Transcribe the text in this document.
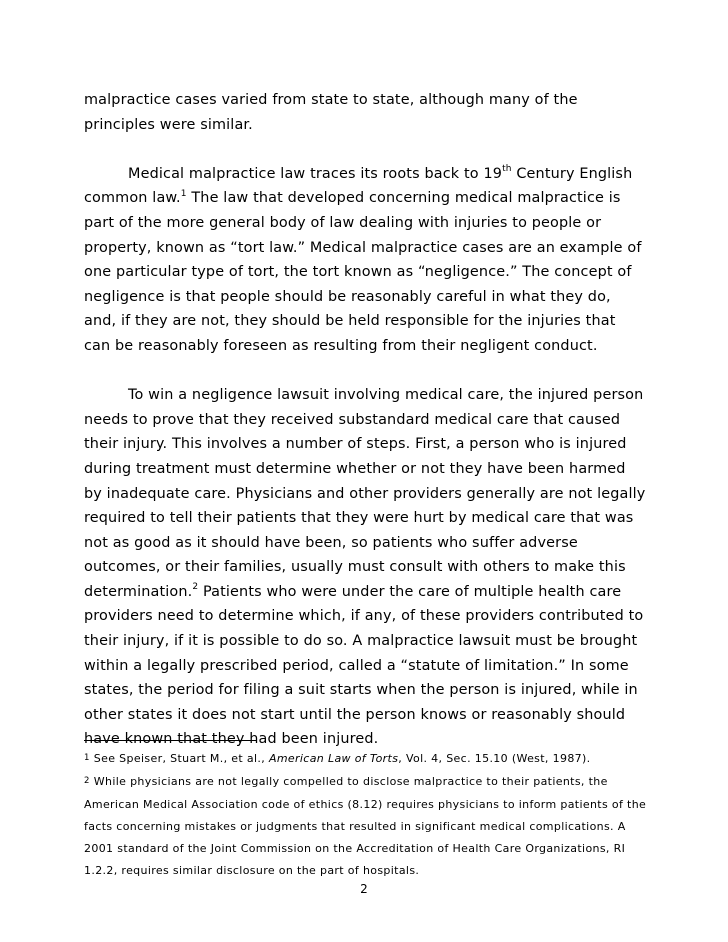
malpractice cases varied from state to state, although many of the principles were similar.

Medical malpractice law traces its roots back to 19th Century English common law.$^1$ The law that developed concerning medical malpractice is part of the more general body of law dealing with injuries to people or property, known as “tort law.” Medical malpractice cases are an example of one particular type of tort, the tort known as “negligence.” The concept of negligence is that people should be reasonably careful in what they do, and, if they are not, they should be held responsible for the injuries that can be reasonably foreseen as resulting from their negligent conduct.

To win a negligence lawsuit involving medical care, the injured person needs to prove that they received substandard medical care that caused their injury. This involves a number of steps. First, a person who is injured during treatment must determine whether or not they have been harmed by inadequate care. Physicians and other providers generally are not legally required to tell their patients that they were hurt by medical care that was not as good as it should have been, so patients who suffer adverse outcomes, or their families, usually must consult with others to make this determination.$^2$ Patients who were under the care of multiple health care providers need to determine which, if any, of these providers contributed to their injury, if it is possible to do so. A malpractice lawsuit must be brought within a legally prescribed period, called a “statute of limitation.” In some states, the period for filing a suit starts when the person is injured, while in other states it does not start until the person knows or reasonably should have known that they had been injured.

1 See Speiser, Stuart M., et al., American Law of Torts, Vol. 4, Sec. 15.10 (West, 1987).

2 While physicians are not legally compelled to disclose malpractice to their patients, the American Medical Association code of ethics (8.12) requires physicians to inform patients of the facts concerning mistakes or judgments that resulted in significant medical complications. A 2001 standard of the Joint Commission on the Accreditation of Health Care Organizations, RI 1.2.2, requires similar disclosure on the part of hospitals.

2
